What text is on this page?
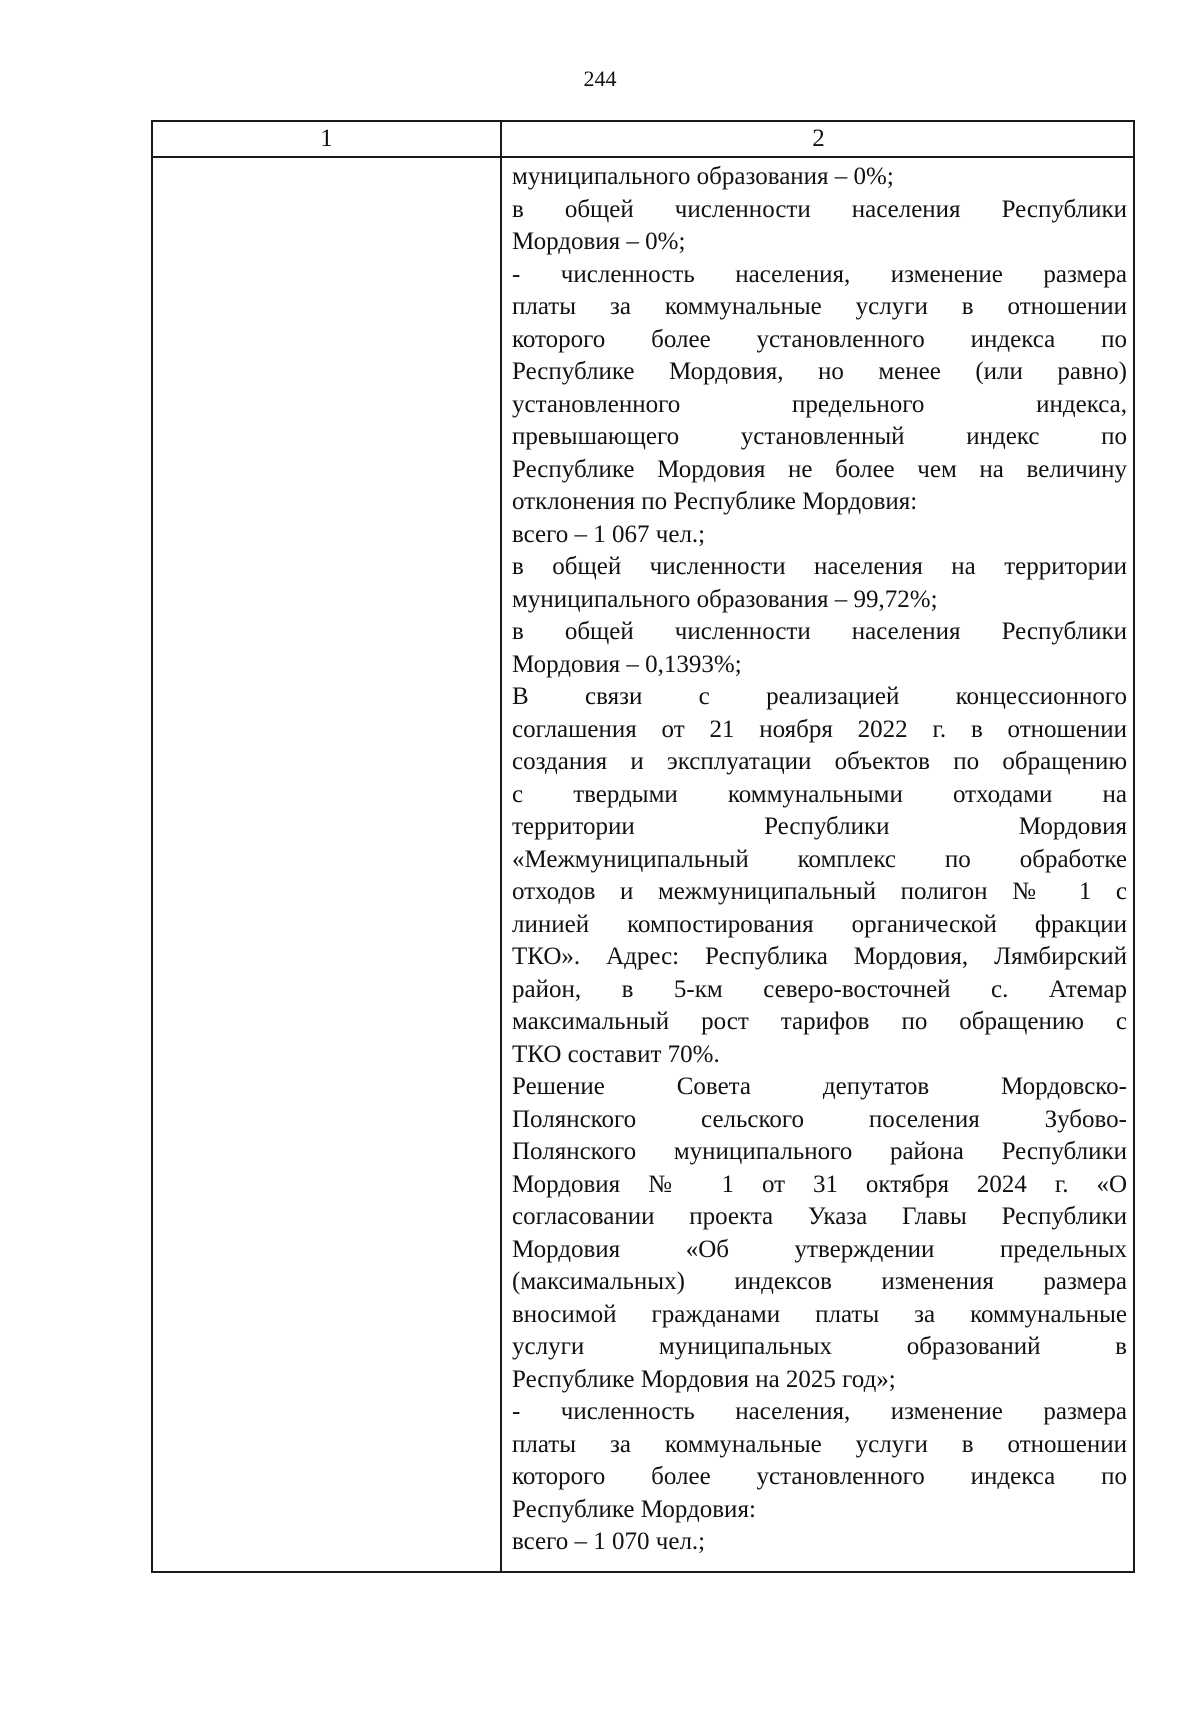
244
1	2
муниципального образования – 0%;
в общей численности населения Республики
Мордовия – 0%;
- численность населения, изменение размера
платы за коммунальные услуги в отношении
которого более установленного индекса по
Республике Мордовия, но менее (или равно)
установленного предельного индекса,
превышающего установленный индекс по
Республике Мордовия не более чем на величину
отклонения по Республике Мордовия:
всего – 1 067 чел.;
в общей численности населения на территории
муниципального образования – 99,72%;
в общей численности населения Республики
Мордовия – 0,1393%;
В связи с реализацией концессионного
соглашения от 21 ноября 2022 г. в отношении
создания и эксплуатации объектов по обращению
с твердыми коммунальными отходами на
территории Республики Мордовия
«Межмуниципальный комплекс по обработке
отходов и межмуниципальный полигон № 1 с
линией компостирования органической фракции
ТКО». Адрес: Республика Мордовия, Лямбирский
район, в 5-км северо-восточней с. Атемар
максимальный рост тарифов по обращению с
ТКО составит 70%.
Решение Совета депутатов Мордовско-
Полянского сельского поселения Зубово-
Полянского муниципального района Республики
Мордовия № 1 от 31 октября 2024 г. «О
согласовании проекта Указа Главы Республики
Мордовия «Об утверждении предельных
(максимальных) индексов изменения размера
вносимой гражданами платы за коммунальные
услуги муниципальных образований в
Республике Мордовия на 2025 год»;
- численность населения, изменение размера
платы за коммунальные услуги в отношении
которого более установленного индекса по
Республике Мордовия:
всего – 1 070 чел.;
